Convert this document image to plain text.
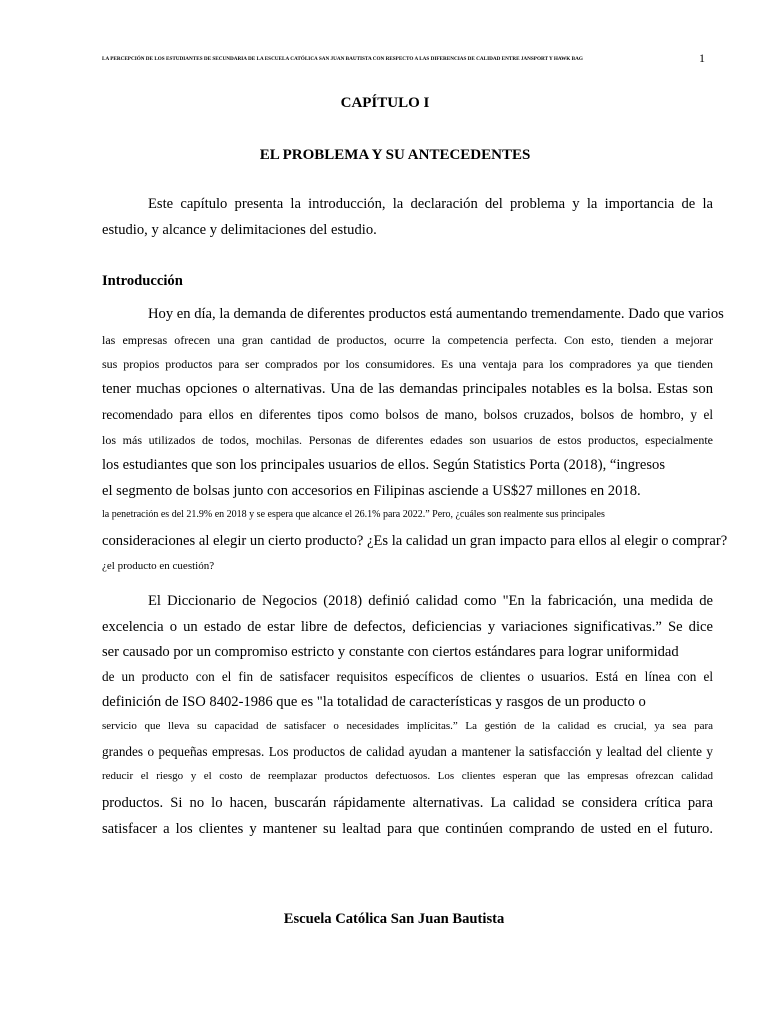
LA PERCEPCIÓN DE LOS ESTUDIANTES DE SECUNDARIA DE LA ESCUELA CATÓLICA SAN JUAN BAUTISTA CON RESPECTO A LAS DIFERENCIAS DE CALIDAD ENTRE JANSPORT Y HAWK BAG	1
CAPÍTULO I
EL PROBLEMA Y SU ANTECEDENTES
Este capítulo presenta la introducción, la declaración del problema y la importancia de la
estudio, y alcance y delimitaciones del estudio.
Introducción
Hoy en día, la demanda de diferentes productos está aumentando tremendamente. Dado que varios
las empresas ofrecen una gran cantidad de productos, ocurre la competencia perfecta. Con esto, tienden a mejorar
sus propios productos para ser comprados por los consumidores. Es una ventaja para los compradores ya que tienden
tener muchas opciones o alternativas. Una de las demandas principales notables es la bolsa. Estas son
recomendado para ellos en diferentes tipos como bolsos de mano, bolsos cruzados, bolsos de hombro, y el
los más utilizados de todos, mochilas. Personas de diferentes edades son usuarios de estos productos, especialmente
los estudiantes que son los principales usuarios de ellos. Según Statistics Porta (2018), “ingresos
el segmento de bolsas junto con accesorios en Filipinas asciende a US$27 millones en 2018.
la penetración es del 21.9% en 2018 y se espera que alcance el 26.1% para 2022.” Pero, ¿cuáles son realmente sus principales
consideraciones al elegir un cierto producto? ¿Es la calidad un gran impacto para ellos al elegir o comprar?
¿el producto en cuestión?
El Diccionario de Negocios (2018) definió calidad como "En la fabricación, una medida de
excelencia o un estado de estar libre de defectos, deficiencias y variaciones significativas.” Se dice
ser causado por un compromiso estricto y constante con ciertos estándares para lograr uniformidad
de un producto con el fin de satisfacer requisitos específicos de clientes o usuarios. Está en línea con el
definición de ISO 8402-1986 que es "la totalidad de características y rasgos de un producto o
servicio que lleva su capacidad de satisfacer o necesidades implícitas.” La gestión de la calidad es crucial, ya sea para
grandes o pequeñas empresas. Los productos de calidad ayudan a mantener la satisfacción y lealtad del cliente y
reducir el riesgo y el costo de reemplazar productos defectuosos. Los clientes esperan que las empresas ofrezcan calidad
productos. Si no lo hacen, buscarán rápidamente alternativas. La calidad se considera crítica para
satisfacer a los clientes y mantener su lealtad para que continúen comprando de usted en el futuro.
Escuela Católica San Juan Bautista
